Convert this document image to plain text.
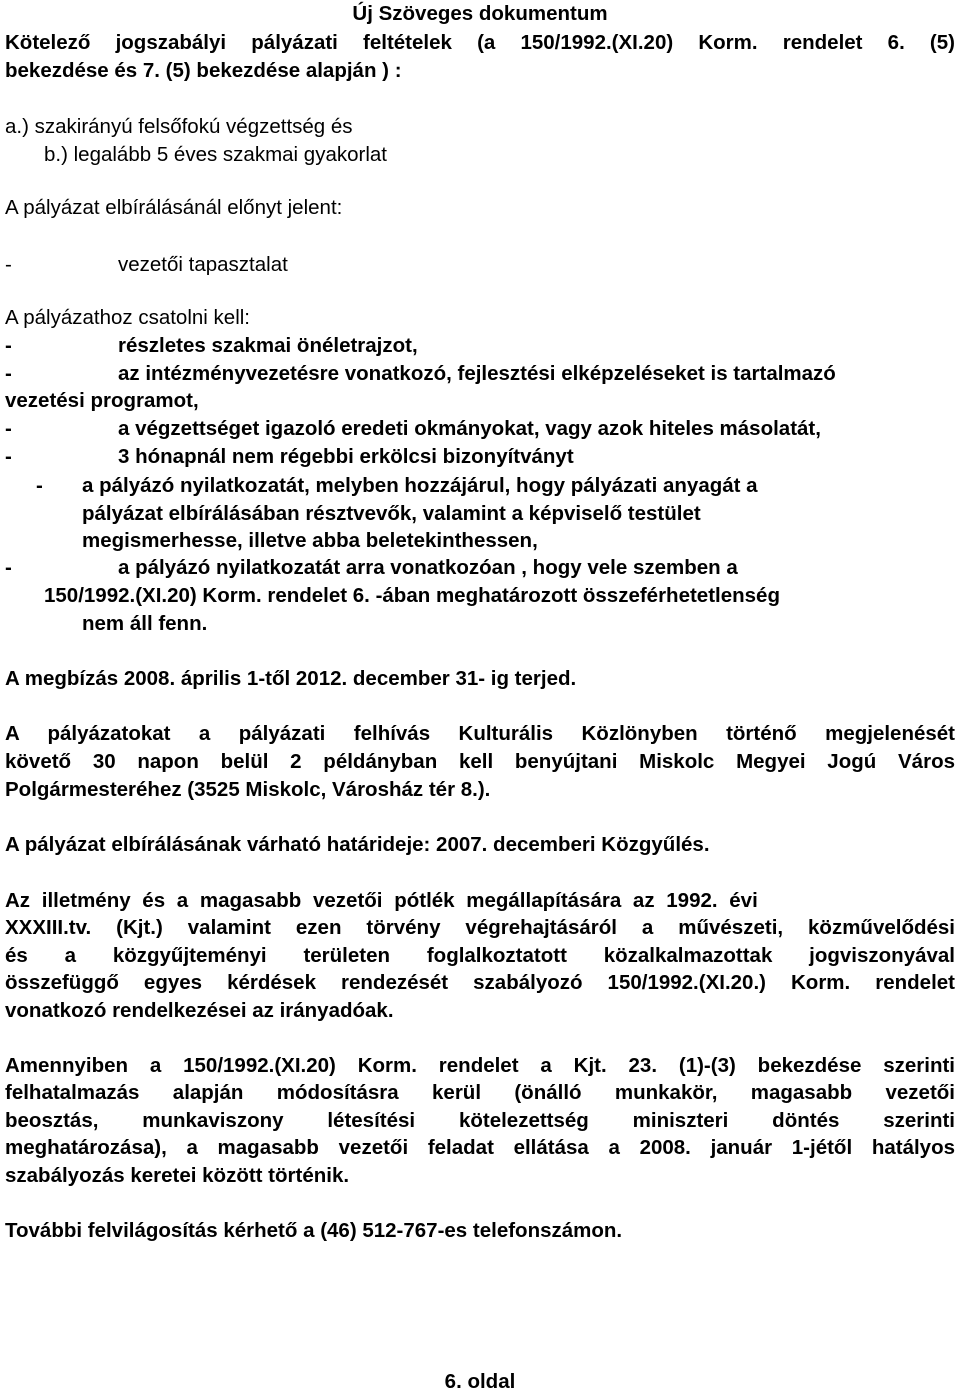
Új Szöveges dokumentum

Kötelező jogszabályi pályázati feltételek (a 150/1992.(XI.20) Korm. rendelet 6. (5)

bekezdése és 7. (5) bekezdése alapján ) :

a.) szakirányú felsőfokú végzettség és

b.) legalább 5 éves szakmai gyakorlat

A pályázat elbírálásánál előnyt jelent:

-	vezetői tapasztalat

A pályázathoz csatolni kell:

-	részletes szakmai önéletrajzot,

-	az intézményvezetésre vonatkozó, fejlesztési elképzeléseket is tartalmazó

vezetési programot,

-	a végzettséget igazoló eredeti okmányokat, vagy azok hiteles másolatát,

-	3 hónapnál nem régebbi erkölcsi bizonyítványt

-	a pályázó nyilatkozatát, melyben hozzájárul, hogy pályázati anyagát a

pályázat elbírálásában résztvevők, valamint a képviselő testület

megismerhesse, illetve abba beletekinthessen,

-	a pályázó nyilatkozatát arra vonatkozóan , hogy vele szemben a

150/1992.(XI.20) Korm. rendelet 6. -ában meghatározott összeférhetetlenség

nem áll fenn.

A megbízás 2008. április 1-től 2012. december 31- ig terjed.

A pályázatokat a pályázati felhívás Kulturális Közlönyben történő megjelenését

követő 30 napon belül 2 példányban kell benyújtani Miskolc Megyei Jogú Város

Polgármesteréhez (3525 Miskolc, Városház tér 8.).

A pályázat elbírálásának várható határideje: 2007. decemberi Közgyűlés.

Az illetmény és a magasabb vezetői pótlék megállapítására az 1992. évi

XXXIII.tv. (Kjt.) valamint ezen törvény végrehajtásáról a művészeti, közművelődési

és a közgyűjteményi területen foglalkoztatott közalkalmazottak jogviszonyával

összefüggő egyes kérdések rendezését szabályozó 150/1992.(XI.20.) Korm. rendelet

vonatkozó rendelkezései az irányadóak.

Amennyiben a 150/1992.(XI.20) Korm. rendelet a Kjt. 23. (1)-(3) bekezdése szerinti

felhatalmazás alapján módosításra kerül (önálló munkakör, magasabb vezetői

beosztás, munkaviszony létesítési kötelezettség miniszteri döntés szerinti

meghatározása), a magasabb vezetői feladat ellátása a 2008. január 1-jétől hatályos

szabályozás keretei között történik.

További felvilágosítás kérhető a (46) 512-767-es telefonszámon.

6. oldal
